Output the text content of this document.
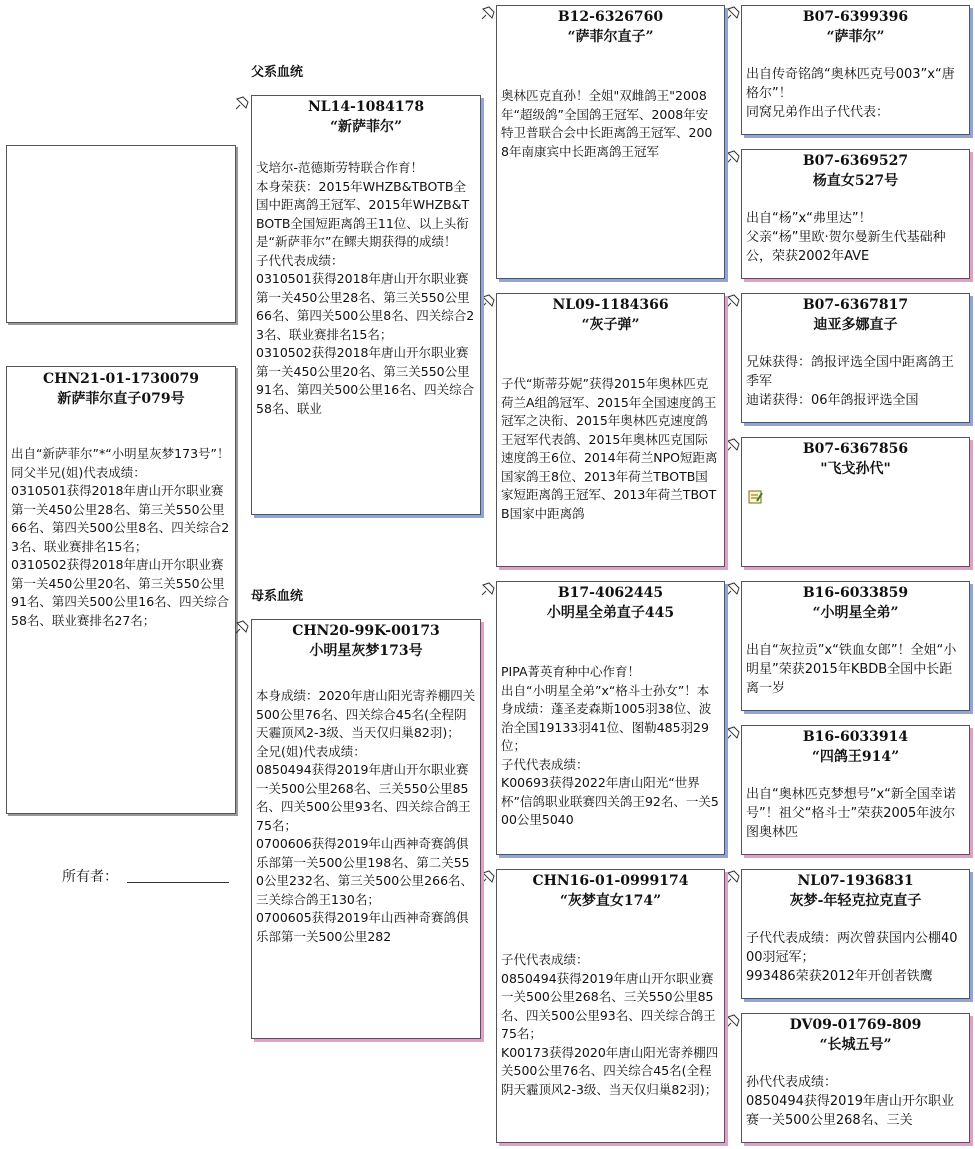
CHN21-01-1730079
新萨菲尔直子079号
出自“新萨菲尔”*“小明星灰梦173号”！
同父半兄(姐)代表成绩：
0310501获得2018年唐山开尔职业赛第一关450公里28名、第三关550公里66名、第四关500公里8名、四关综合23名、联业赛排名15名；
0310502获得2018年唐山开尔职业赛第一关450公里20名、第三关550公里91名、第四关500公里16名、四关综合58名、联业赛排名27名；
所有者：
父系血统
母系血统
NL14-1084178
“新萨菲尔”
戈培尔-范德斯劳特联合作育！
本身荣获：2015年WHZB&TBOTB全国中距离鸽王冠军、2015年WHZB&TBOTB全国短距离鸽王11位、以上头衔是“新萨菲尔”在鳏夫期获得的成绩！
子代代表成绩：
0310501获得2018年唐山开尔职业赛第一关450公里28名、第三关550公里66名、第四关500公里8名、四关综合23名、联业赛排名15名；
0310502获得2018年唐山开尔职业赛第一关450公里20名、第三关550公里91名、第四关500公里16名、四关综合58名、联业
CHN20-99K-00173
小明星灰梦173号
本身成绩：2020年唐山阳光寄养棚四关500公里76名、四关综合45名(全程阴天霾顶风2-3级、当天仅归巢82羽)；
全兄(姐)代表成绩：
0850494获得2019年唐山开尔职业赛一关500公里268名、三关550公里85名、四关500公里93名、四关综合鸽王75名；
0700606获得2019年山西神奇赛鸽俱乐部第一关500公里198名、第二关550公里232名、第三关500公里266名、三关综合鸽王130名；
0700605获得2019年山西神奇赛鸽俱乐部第一关500公里282
B12-6326760
“萨菲尔直子”
奥林匹克直孙！全姐"双雌鸽王"2008年“超级鸽”全国鸽王冠军、2008年安特卫普联合会中长距离鸽王冠军、2008年南康宾中长距离鸽王冠军
NL09-1184366
“灰子弹”
子代“斯蒂芬妮”获得2015年奥林匹克荷兰A组鸽冠军、2015年全国速度鸽王冠军之决衔、2015年奥林匹克速度鸽王冠军代表鸽、2015年奥林匹克国际速度鸽王6位、2014年荷兰NPO短距离国家鸽王8位、2013年荷兰TBOTB国家短距离鸽王冠军、2013年荷兰TBOTB国家中距离鸽
B17-4062445
小明星全弟直子445
PIPA菁英育种中心作育！
出自“小明星全弟”x“格斗士孙女”！本身成绩：蓬圣麦森斯1005羽38位、波治全国19133羽41位、图勒485羽29位；
子代代表成绩：
K00693获得2022年唐山阳光“世界杯”信鸽职业联赛四关鸽王92名、一关500公里5040
CHN16-01-0999174
“灰梦直女174”
子代代表成绩：
0850494获得2019年唐山开尔职业赛一关500公里268名、三关550公里85名、四关500公里93名、四关综合鸽王75名；
K00173获得2020年唐山阳光寄养棚四关500公里76名、四关综合45名(全程阴天霾顶风2-3级、当天仅归巢82羽)；
B07-6399396
“萨菲尔”
出自传奇铭鸽“奥林匹克号003”x“唐格尔”！
同窝兄弟作出子代代表：
B07-6369527
杨直女527号
出自“杨”x“弗里达”！
父亲“杨”里欧·贺尔曼新生代基础种公，荣获2002年AVE
B07-6367817
迪亚多娜直子
兄妹获得：鸽报评选全国中距离鸽王季军
迪诺获得：06年鸽报评选全国
B07-6367856
"飞戈孙代"
B16-6033859
“小明星全弟”
出自“灰拉贡”x“铁血女郎”！全姐“小明星”荣获2015年KBDB全国中长距离一岁
B16-6033914
“四鸽王914”
出自“奥林匹克梦想号”x“新全国幸诺号”！祖父“格斗士”荣获2005年波尔图奥林匹
NL07-1936831
灰梦-年轻克拉克直子
子代代表成绩：两次曾获国内公棚4000羽冠军；
993486荣获2012年开创者铁鹰
DV09-01769-809
“长城五号”
孙代代表成绩：
0850494获得2019年唐山开尔职业赛一关500公里268名、三关
